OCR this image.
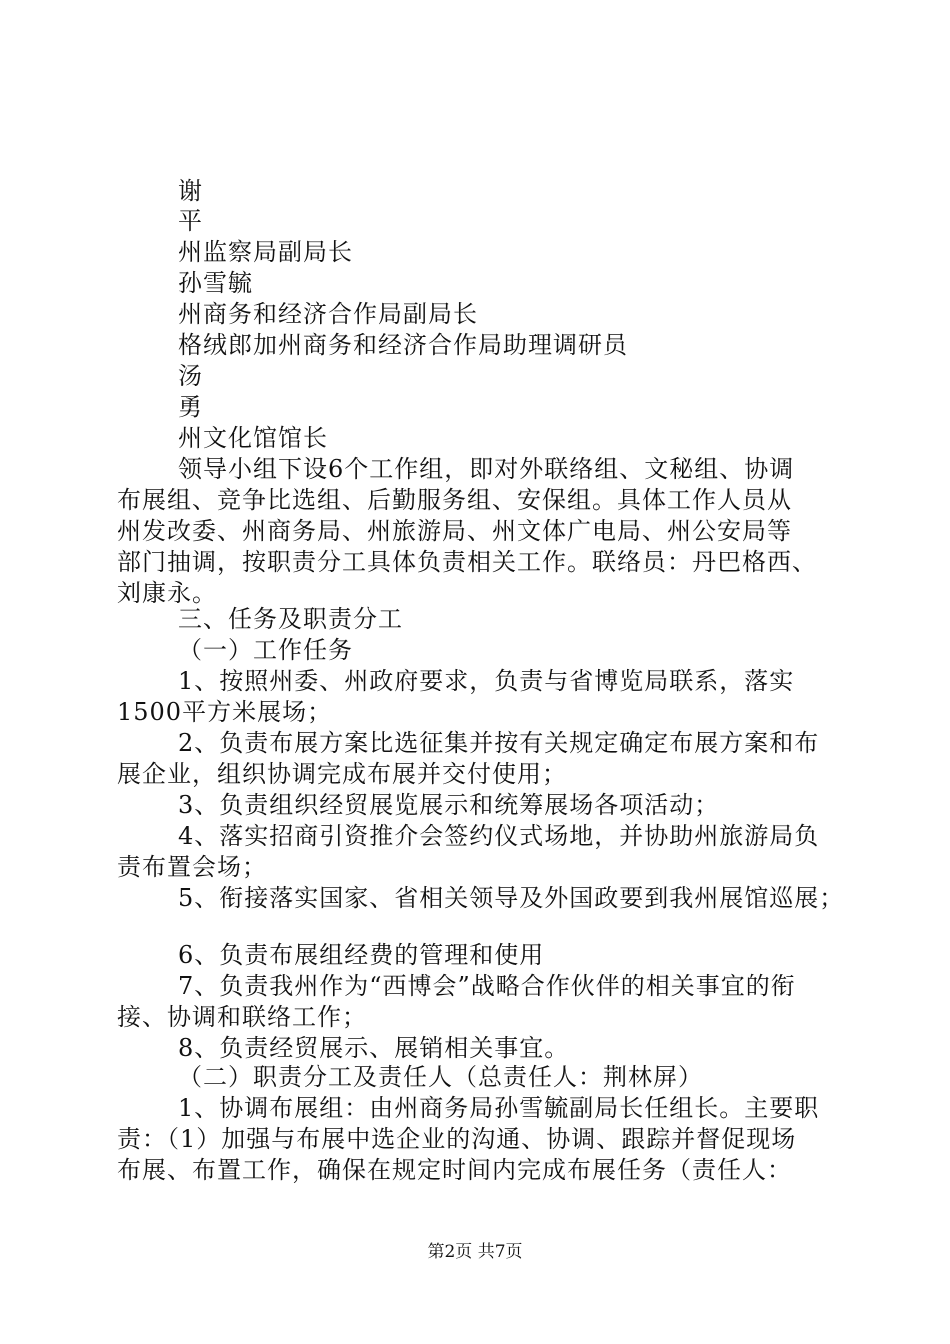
谢
平
州监察局副局长
孙雪毓
州商务和经济合作局副局长
格绒郎加州商务和经济合作局助理调研员
汤
勇
州文化馆馆长
领导小组下设6个工作组，即对外联络组、文秘组、协调
布展组、竞争比选组、后勤服务组、安保组。具体工作人员从
州发改委、州商务局、州旅游局、州文体广电局、州公安局等
部门抽调，按职责分工具体负责相关工作。联络员：丹巴格西、
刘康永。
三、任务及职责分工
（一）工作任务
1、按照州委、州政府要求，负责与省博览局联系，落实
1500平方米展场；
2、负责布展方案比选征集并按有关规定确定布展方案和布
展企业，组织协调完成布展并交付使用；
3、负责组织经贸展览展示和统筹展场各项活动；
4、落实招商引资推介会签约仪式场地，并协助州旅游局负
责布置会场；
5、衔接落实国家、省相关领导及外国政要到我州展馆巡展；
6、负责布展组经费的管理和使用
7、负责我州作为“西博会”战略合作伙伴的相关事宜的衔
接、协调和联络工作；
8、负责经贸展示、展销相关事宜。
（二）职责分工及责任人（总责任人：荆林屏）
1、协调布展组：由州商务局孙雪毓副局长任组长。主要职
责：（1）加强与布展中选企业的沟通、协调、跟踪并督促现场
布展、布置工作，确保在规定时间内完成布展任务（责任人：
第2页 共7页
